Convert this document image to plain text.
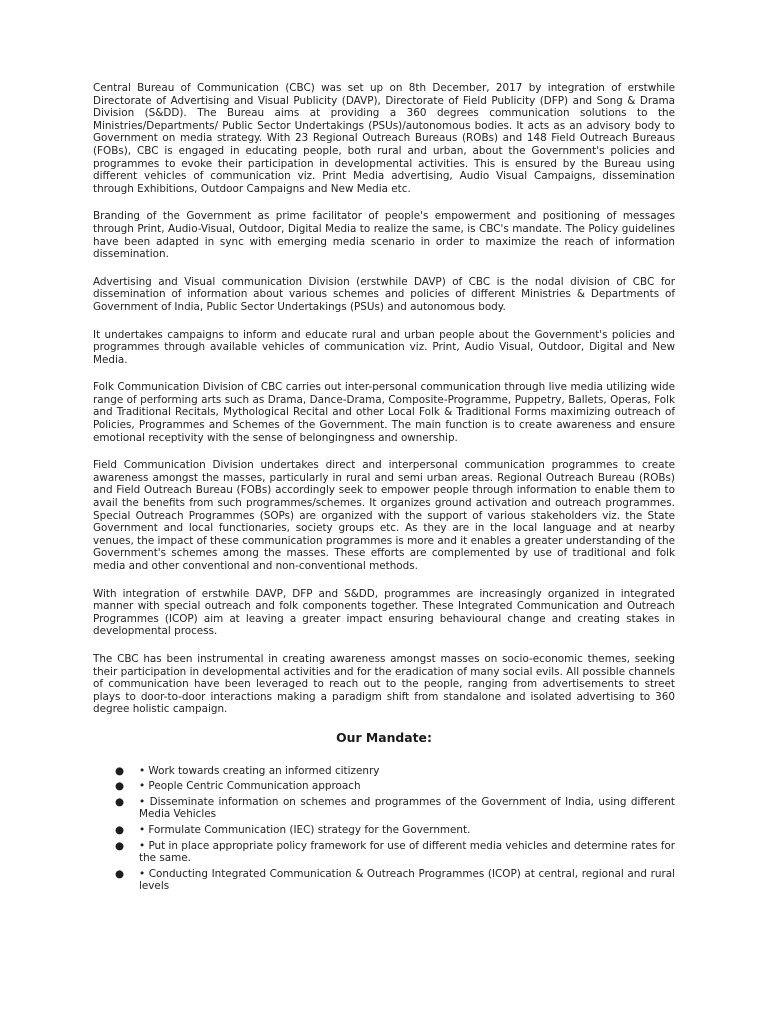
Central Bureau of Communication (CBC) was set up on 8th December, 2017 by integration of erstwhile Directorate of Advertising and Visual Publicity (DAVP), Directorate of Field Publicity (DFP) and Song & Drama Division (S&DD). The Bureau aims at providing a 360 degrees communication solutions to the Ministries/Departments/ Public Sector Undertakings (PSUs)/autonomous bodies. It acts as an advisory body to Government on media strategy. With 23 Regional Outreach Bureaus (ROBs) and 148 Field Outreach Bureaus (FOBs), CBC is engaged in educating people, both rural and urban, about the Government's policies and programmes to evoke their participation in developmental activities. This is ensured by the Bureau using different vehicles of communication viz. Print Media advertising, Audio Visual Campaigns, dissemination through Exhibitions, Outdoor Campaigns and New Media etc.

Branding of the Government as prime facilitator of people's empowerment and positioning of messages through Print, Audio-Visual, Outdoor, Digital Media to realize the same, is CBC's mandate. The Policy guidelines have been adapted in sync with emerging media scenario in order to maximize the reach of information dissemination.

Advertising and Visual communication Division (erstwhile DAVP) of CBC is the nodal division of CBC for dissemination of information about various schemes and policies of different Ministries & Departments of Government of India, Public Sector Undertakings (PSUs) and autonomous body.

It undertakes campaigns to inform and educate rural and urban people about the Government's policies and programmes through available vehicles of communication viz. Print, Audio Visual, Outdoor, Digital and New Media.

Folk Communication Division of CBC carries out inter-personal communication through live media utilizing wide range of performing arts such as Drama, Dance-Drama, Composite-Programme, Puppetry, Ballets, Operas, Folk and Traditional Recitals, Mythological Recital and other Local Folk & Traditional Forms maximizing outreach of Policies, Programmes and Schemes of the Government. The main function is to create awareness and ensure emotional receptivity with the sense of belongingness and ownership.

Field Communication Division undertakes direct and interpersonal communication programmes to create awareness amongst the masses, particularly in rural and semi urban areas. Regional Outreach Bureau (ROBs) and Field Outreach Bureau (FOBs) accordingly seek to empower people through information to enable them to avail the benefits from such programmes/schemes. It organizes ground activation and outreach programmes. Special Outreach Programmes (SOPs) are organized with the support of various stakeholders viz. the State Government and local functionaries, society groups etc. As they are in the local language and at nearby venues, the impact of these communication programmes is more and it enables a greater understanding of the Government's schemes among the masses. These efforts are complemented by use of traditional and folk media and other conventional and non-conventional methods.

With integration of erstwhile DAVP, DFP and S&DD, programmes are increasingly organized in integrated manner with special outreach and folk components together. These Integrated Communication and Outreach Programmes (ICOP) aim at leaving a greater impact ensuring behavioural change and creating stakes in developmental process.

The CBC has been instrumental in creating awareness amongst masses on socio-economic themes, seeking their participation in developmental activities and for the eradication of many social evils. All possible channels of communication have been leveraged to reach out to the people, ranging from advertisements to street plays to door-to-door interactions making a paradigm shift from standalone and isolated advertising to 360 degree holistic campaign.

Our Mandate:
● • Work towards creating an informed citizenry
● • People Centric Communication approach
● • Disseminate information on schemes and programmes of the Government of India, using different Media Vehicles
● • Formulate Communication (IEC) strategy for the Government.
● • Put in place appropriate policy framework for use of different media vehicles and determine rates for the same.
● • Conducting Integrated Communication & Outreach Programmes (ICOP) at central, regional and rural levels
